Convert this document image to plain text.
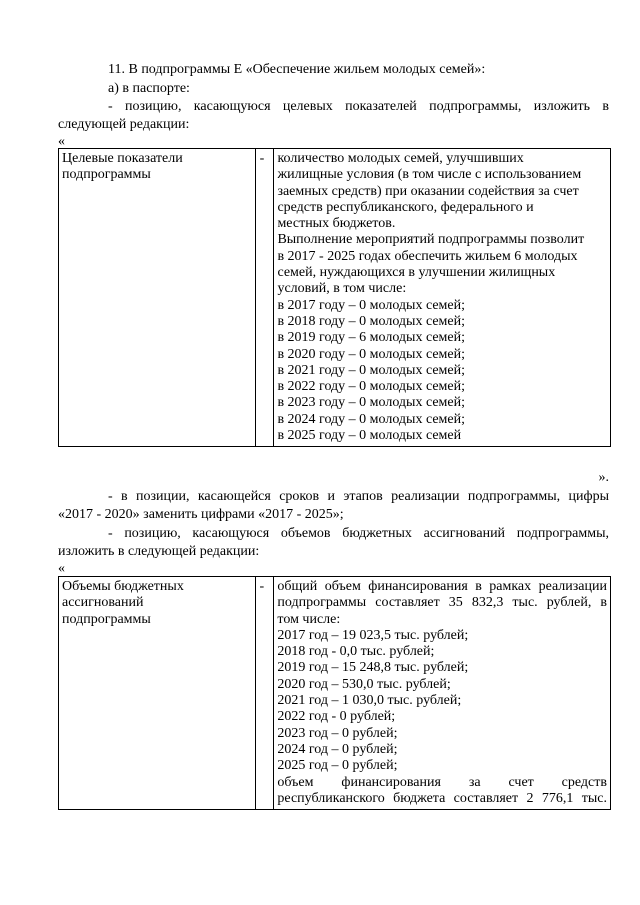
11. В подпрограммы Е «Обеспечение жильем молодых семей»:
а) в паспорте:
- позицию, касающуюся целевых показателей подпрограммы, изложить в
следующей редакции:
«
Целевые показатели
подпрограммы
	-	количество молодых семей, улучшивших
жилищные условия (в том числе с использованием
заемных средств) при оказании содействия за счет
средств республиканского, федерального и
местных бюджетов.
Выполнение мероприятий подпрограммы позволит
в 2017 - 2025 годах обеспечить жильем 6 молодых
семей, нуждающихся в улучшении жилищных
условий, в том числе:
в 2017 году – 0 молодых семей;
в 2018 году – 0 молодых семей;
в 2019 году – 6 молодых семей;
в 2020 году – 0 молодых семей;
в 2021 году – 0 молодых семей;
в 2022 году – 0 молодых семей;
в 2023 году – 0 молодых семей;
в 2024 году – 0 молодых семей;
в 2025 году – 0 молодых семей
».
- в позиции, касающейся сроков и этапов реализации подпрограммы, цифры
«2017 - 2020» заменить цифрами «2017 - 2025»;
- позицию, касающуюся объемов бюджетных ассигнований подпрограммы,
изложить в следующей редакции:
«
Объемы бюджетных
ассигнований
подпрограммы
	-	общий объем финансирования в рамках реализации
подпрограммы составляет 35 832,3 тыс. рублей, в
том числе:
2017 год – 19 023,5 тыс. рублей;
2018 год - 0,0 тыс. рублей;
2019 год – 15 248,8 тыс. рублей;
2020 год – 530,0 тыс. рублей;
2021 год – 1 030,0 тыс. рублей;
2022 год - 0 рублей;
2023 год – 0 рублей;
2024 год – 0 рублей;
2025 год – 0 рублей;
объем финансирования за счет средств
республиканского бюджета составляет 2 776,1 тыс.
